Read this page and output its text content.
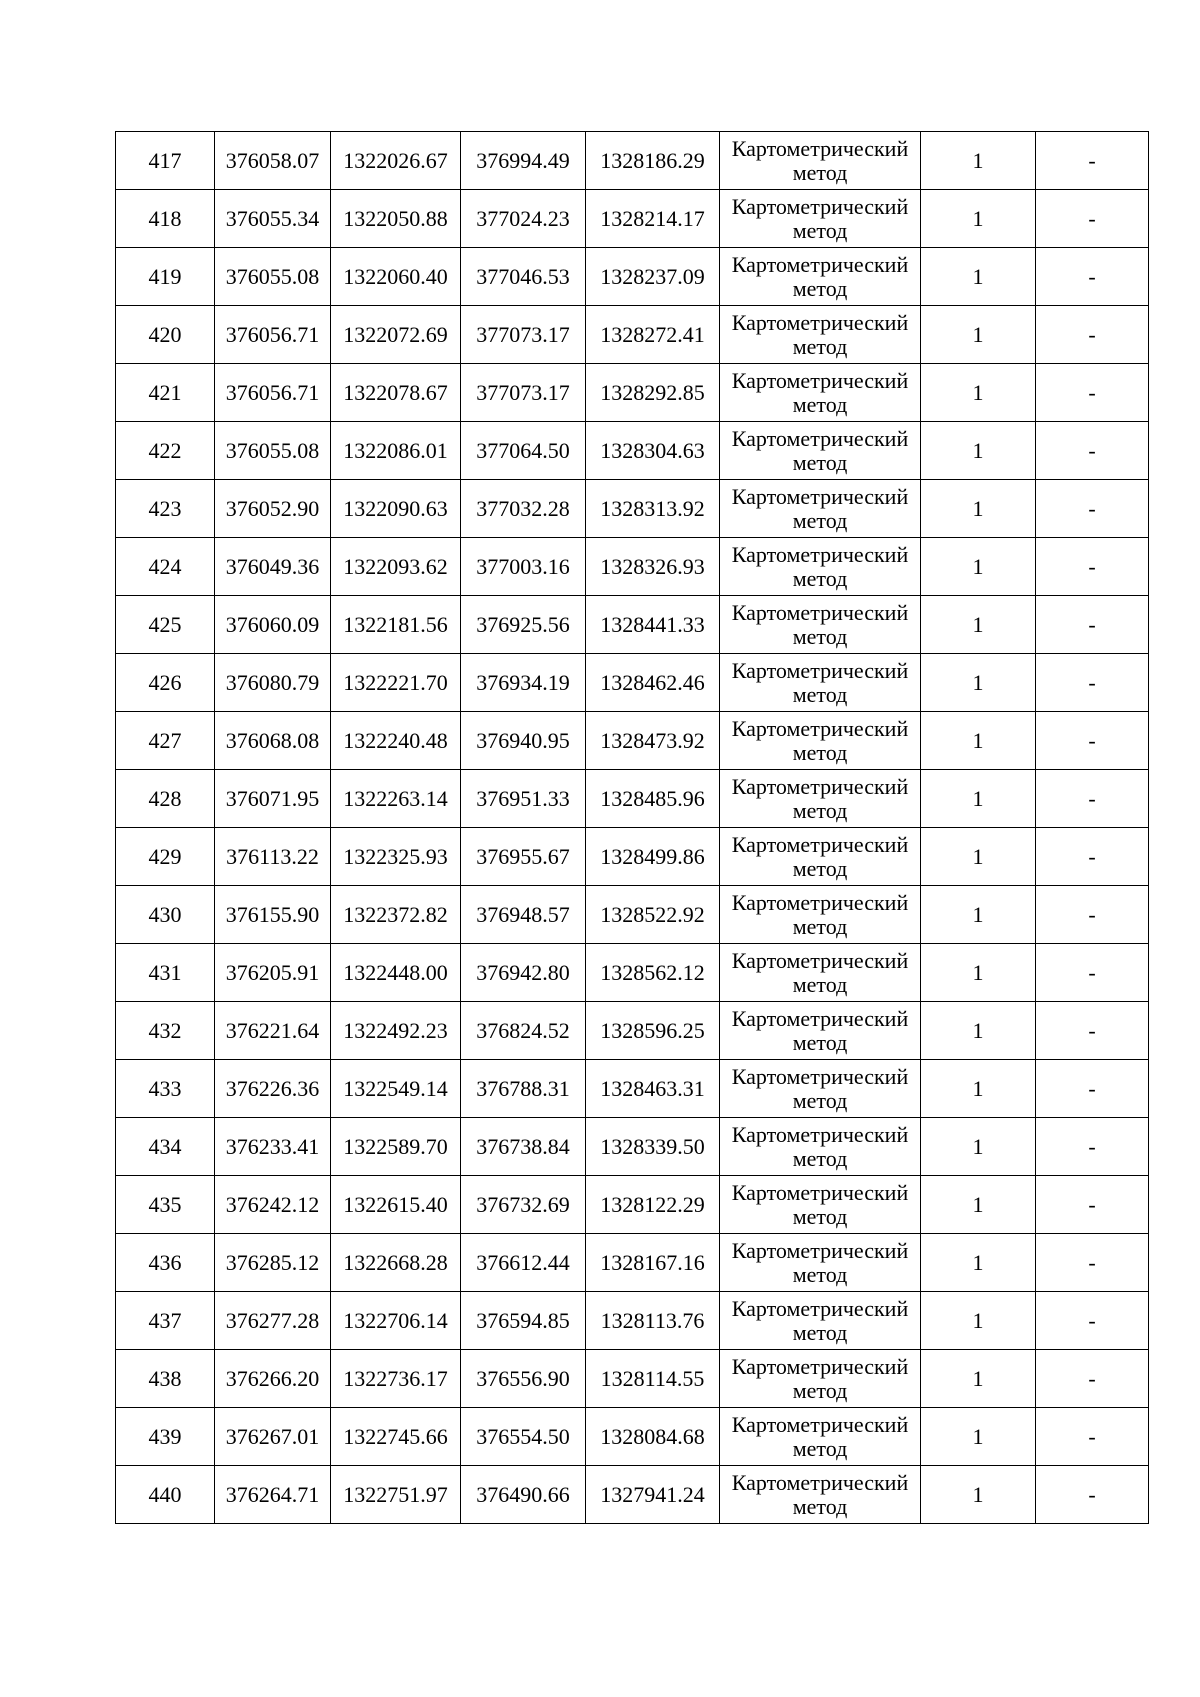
417	376058.07	1322026.67	376994.49	1328186.29	Картометрический
метод	1	-
418	376055.34	1322050.88	377024.23	1328214.17	Картометрический
метод	1	-
419	376055.08	1322060.40	377046.53	1328237.09	Картометрический
метод	1	-
420	376056.71	1322072.69	377073.17	1328272.41	Картометрический
метод	1	-
421	376056.71	1322078.67	377073.17	1328292.85	Картометрический
метод	1	-
422	376055.08	1322086.01	377064.50	1328304.63	Картометрический
метод	1	-
423	376052.90	1322090.63	377032.28	1328313.92	Картометрический
метод	1	-
424	376049.36	1322093.62	377003.16	1328326.93	Картометрический
метод	1	-
425	376060.09	1322181.56	376925.56	1328441.33	Картометрический
метод	1	-
426	376080.79	1322221.70	376934.19	1328462.46	Картометрический
метод	1	-
427	376068.08	1322240.48	376940.95	1328473.92	Картометрический
метод	1	-
428	376071.95	1322263.14	376951.33	1328485.96	Картометрический
метод	1	-
429	376113.22	1322325.93	376955.67	1328499.86	Картометрический
метод	1	-
430	376155.90	1322372.82	376948.57	1328522.92	Картометрический
метод	1	-
431	376205.91	1322448.00	376942.80	1328562.12	Картометрический
метод	1	-
432	376221.64	1322492.23	376824.52	1328596.25	Картометрический
метод	1	-
433	376226.36	1322549.14	376788.31	1328463.31	Картометрический
метод	1	-
434	376233.41	1322589.70	376738.84	1328339.50	Картометрический
метод	1	-
435	376242.12	1322615.40	376732.69	1328122.29	Картометрический
метод	1	-
436	376285.12	1322668.28	376612.44	1328167.16	Картометрический
метод	1	-
437	376277.28	1322706.14	376594.85	1328113.76	Картометрический
метод	1	-
438	376266.20	1322736.17	376556.90	1328114.55	Картометрический
метод	1	-
439	376267.01	1322745.66	376554.50	1328084.68	Картометрический
метод	1	-
440	376264.71	1322751.97	376490.66	1327941.24	Картометрический
метод	1	-
